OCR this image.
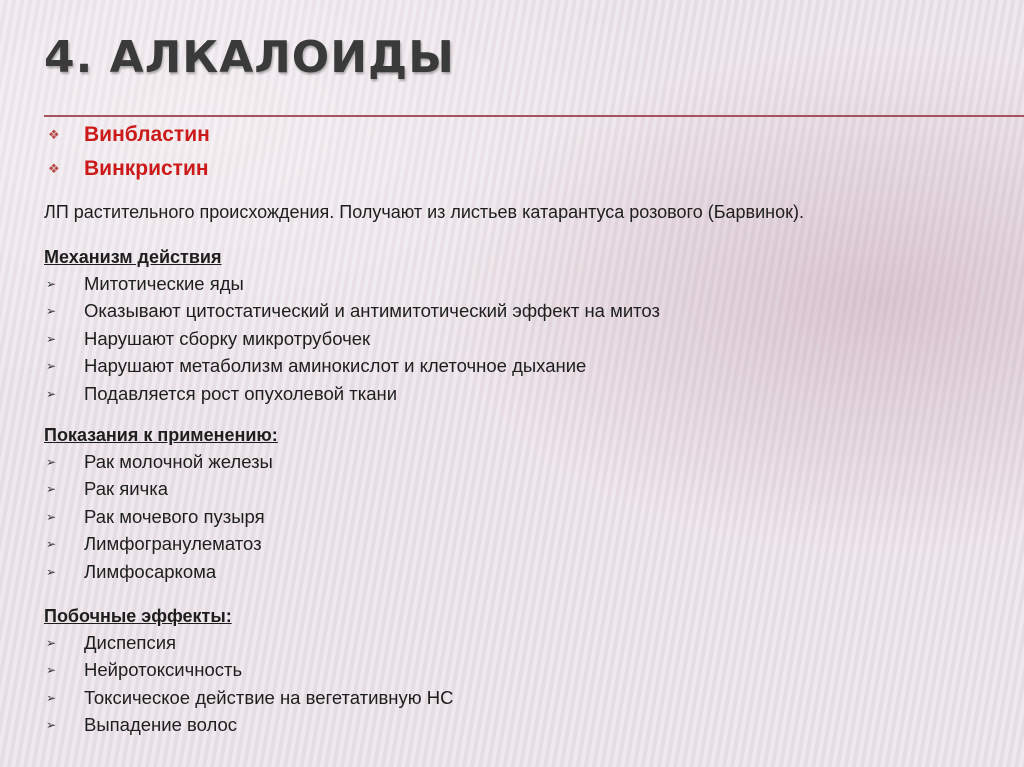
4. АЛКАЛОИДЫ
❖	Винбластин
❖	Винкристин

ЛП растительного происхождения. Получают из листьев катарантуса розового (Барвинок).

Механизм действия

➢	Митотические яды
➢	Оказывают цитостатический и антимитотический эффект на митоз
➢	Нарушают сборку микротрубочек
➢	Нарушают метаболизм аминокислот и клеточное дыхание
➢	Подавляется рост опухолевой ткани

Показания к применению:

➢	Рак молочной железы
➢	Рак яичка
➢	Рак мочевого пузыря
➢	Лимфогранулематоз
➢	Лимфосаркома

Побочные эффекты:

➢	Диспепсия
➢	Нейротоксичность
➢	Токсическое действие на вегетативную НС
➢	Выпадение волос
